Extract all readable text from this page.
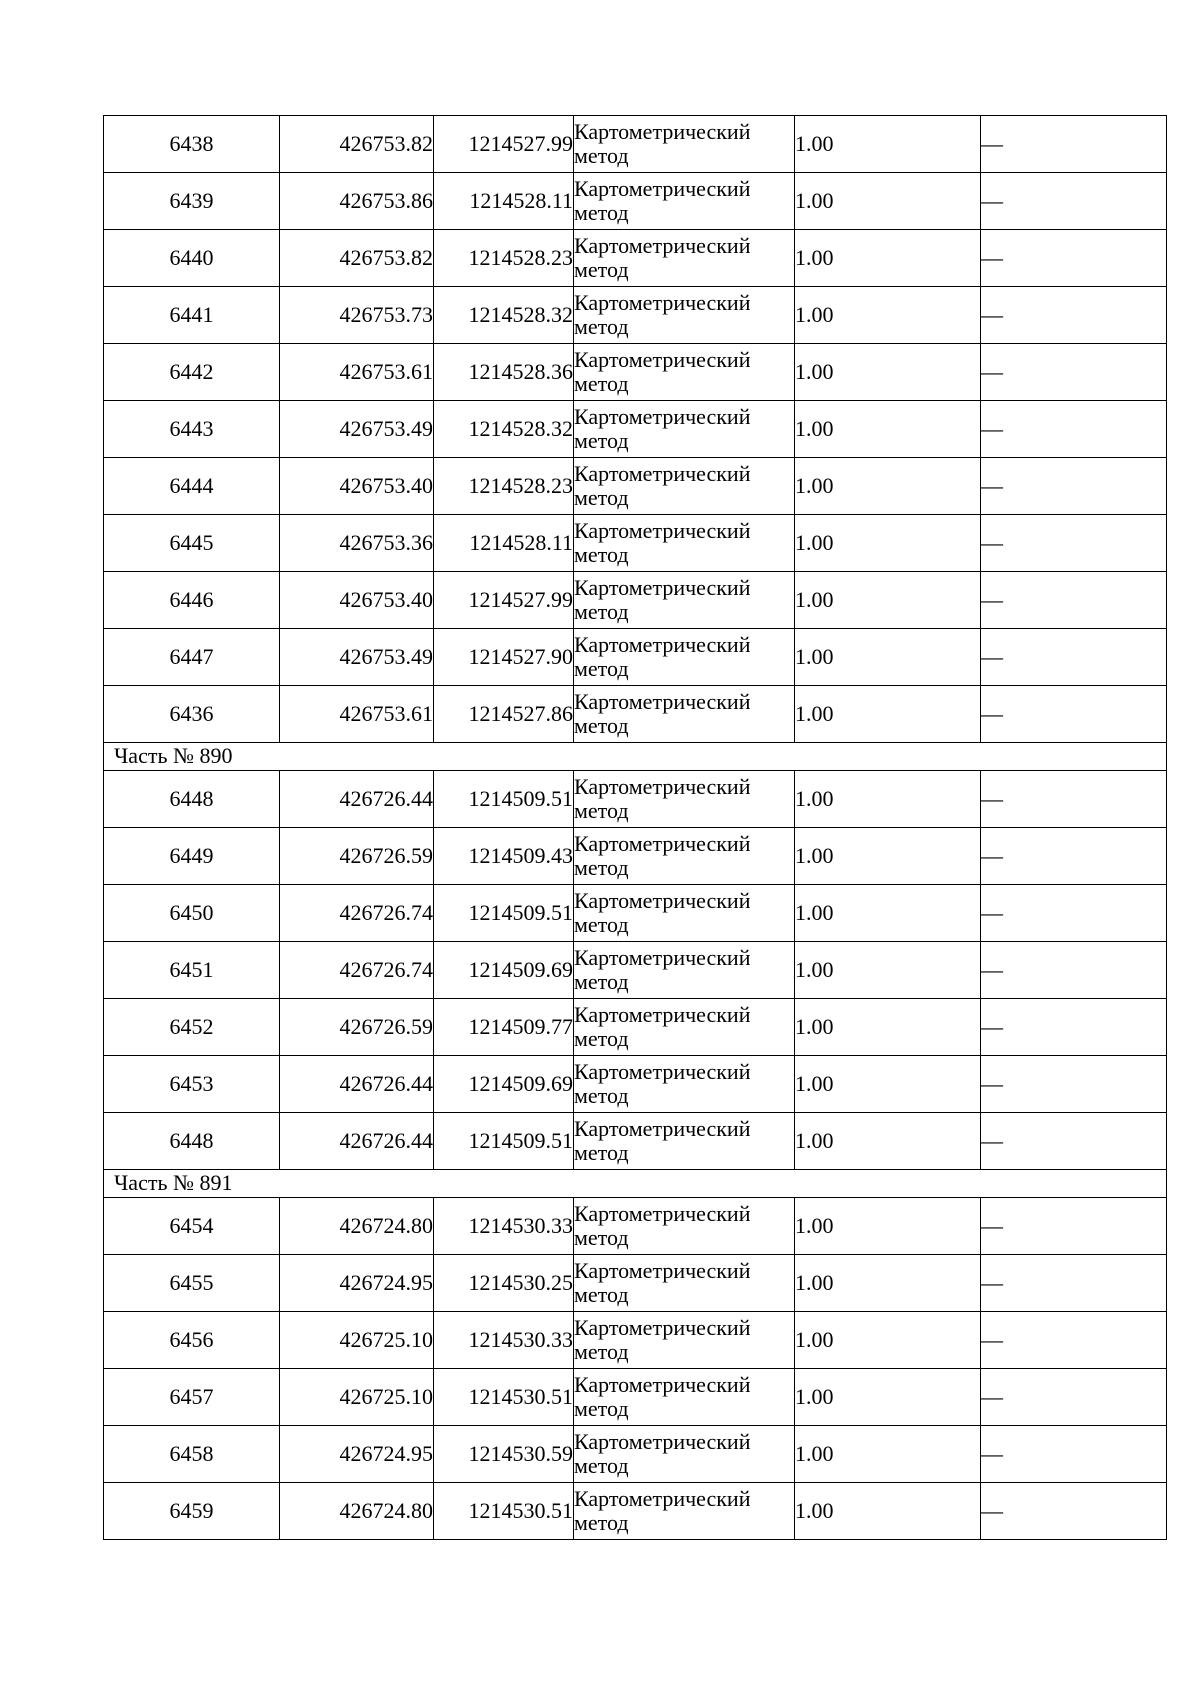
6438	426753.82	1214527.99	Картометрический метод	1.00	—
6439	426753.86	1214528.11	Картометрический метод	1.00	—
6440	426753.82	1214528.23	Картометрический метод	1.00	—
6441	426753.73	1214528.32	Картометрический метод	1.00	—
6442	426753.61	1214528.36	Картометрический метод	1.00	—
6443	426753.49	1214528.32	Картометрический метод	1.00	—
6444	426753.40	1214528.23	Картометрический метод	1.00	—
6445	426753.36	1214528.11	Картометрический метод	1.00	—
6446	426753.40	1214527.99	Картометрический метод	1.00	—
6447	426753.49	1214527.90	Картометрический метод	1.00	—
6436	426753.61	1214527.86	Картометрический метод	1.00	—
Часть № 890					
6448	426726.44	1214509.51	Картометрический метод	1.00	—
6449	426726.59	1214509.43	Картометрический метод	1.00	—
6450	426726.74	1214509.51	Картометрический метод	1.00	—
6451	426726.74	1214509.69	Картометрический метод	1.00	—
6452	426726.59	1214509.77	Картометрический метод	1.00	—
6453	426726.44	1214509.69	Картометрический метод	1.00	—
6448	426726.44	1214509.51	Картометрический метод	1.00	—
Часть № 891					
6454	426724.80	1214530.33	Картометрический метод	1.00	—
6455	426724.95	1214530.25	Картометрический метод	1.00	—
6456	426725.10	1214530.33	Картометрический метод	1.00	—
6457	426725.10	1214530.51	Картометрический метод	1.00	—
6458	426724.95	1214530.59	Картометрический метод	1.00	—
6459	426724.80	1214530.51	Картометрический метод	1.00	—
